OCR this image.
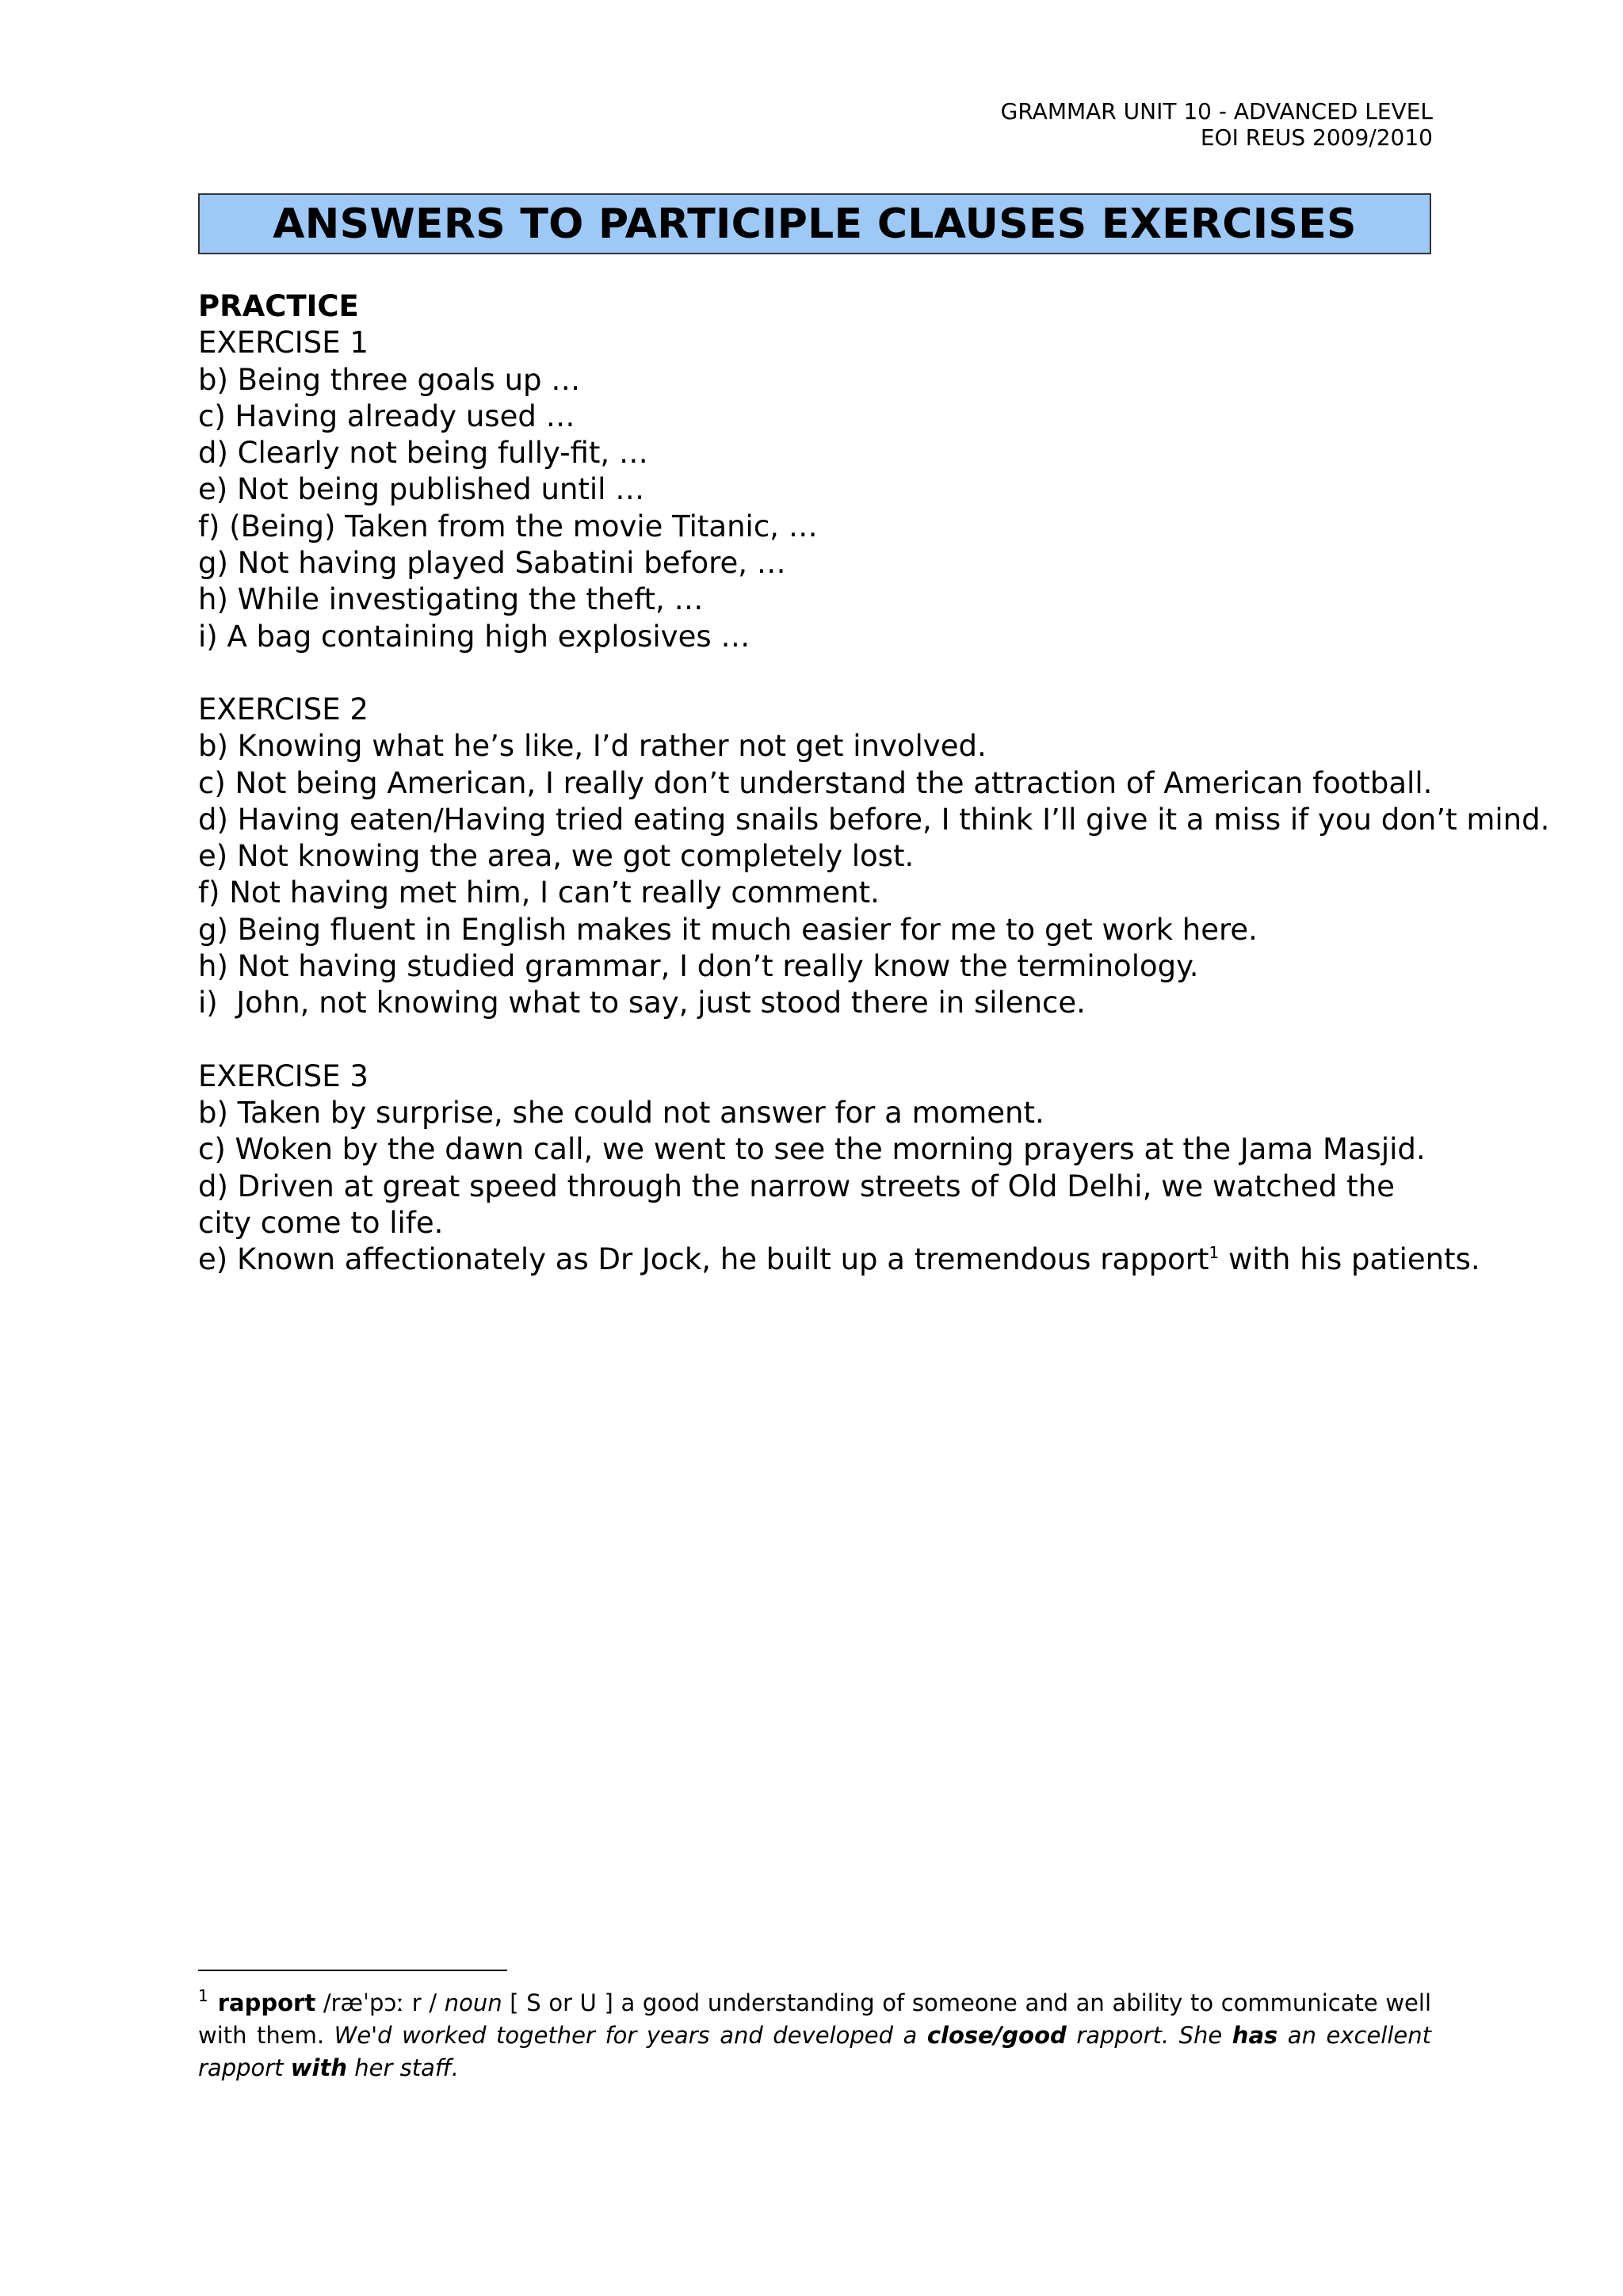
GRAMMAR UNIT 10 - ADVANCED LEVEL
EOI REUS 2009/2010
ANSWERS TO PARTICIPLE CLAUSES EXERCISES
PRACTICE
EXERCISE 1
b) Being three goals up …
c) Having already used …
d) Clearly not being fully-fit, …
e) Not being published until …
f) (Being) Taken from the movie Titanic, …
g) Not having played Sabatini before, …
h) While investigating the theft, …
i) A bag containing high explosives …
EXERCISE 2
b) Knowing what he’s like, I’d rather not get involved.
c) Not being American, I really don’t understand the attraction of American football.
d) Having eaten/Having tried eating snails before, I think I’ll give it a miss if you don’t mind.
e) Not knowing the area, we got completely lost.
f) Not having met him, I can’t really comment.
g) Being fluent in English makes it much easier for me to get work here.
h) Not having studied grammar, I don’t really know the terminology.
i)  John, not knowing what to say, just stood there in silence.
EXERCISE 3
b) Taken by surprise, she could not answer for a moment.
c) Woken by the dawn call, we went to see the morning prayers at the Jama Masjid.
d) Driven at great speed through the narrow streets of Old Delhi, we watched the city come to life.
e) Known affectionately as Dr Jock, he built up a tremendous rapport$^1$ with his patients.
$^1$ rapport /ræˈpɔː r / noun [ S or U ] a good understanding of someone and an ability to communicate well with them. We'd worked together for years and developed a close/good rapport. She has an excellent rapport with her staff.
